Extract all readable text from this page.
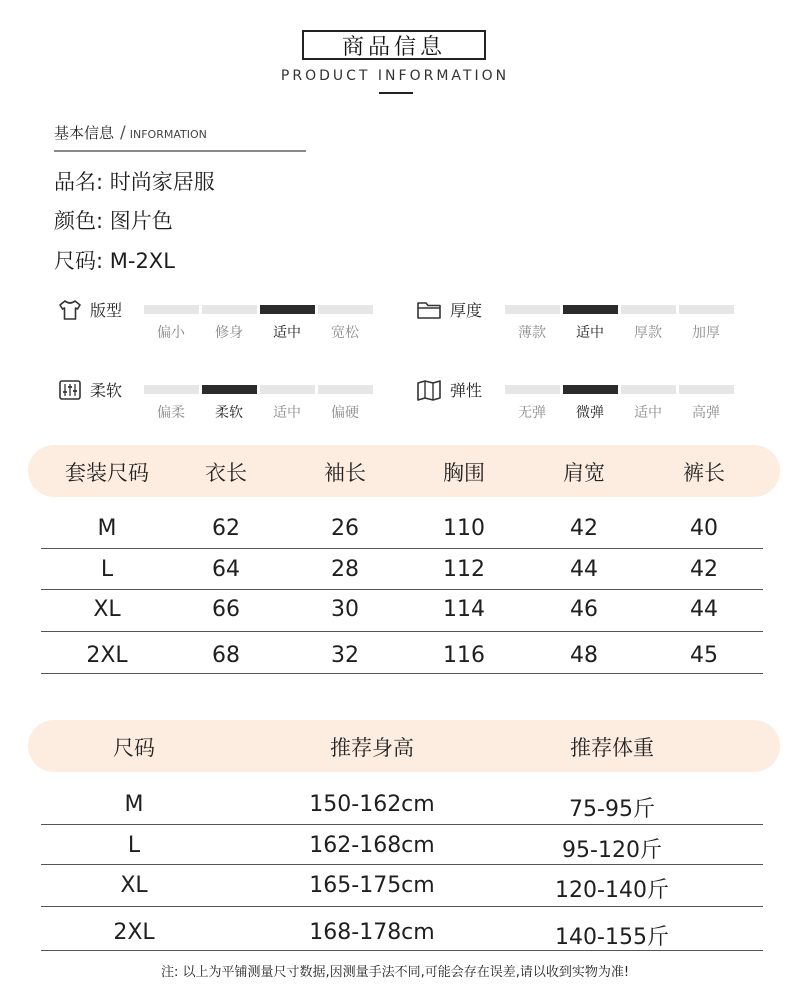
商品信息
PRODUCT INFORMATION
基本信息 / INFORMATION
品名: 时尚家居服
颜色: 图片色
尺码: M-2XL
版型
偏小	修身	适中	宽松
厚度
薄款	适中	厚款	加厚
柔软
偏柔	柔软	适中	偏硬
弹性
无弹	微弹	适中	高弹
套装尺码	衣长	袖长	胸围	肩宽	裤长
M	62	26	110	42	40
L	64	28	112	44	42
XL	66	30	114	46	44
2XL	68	32	116	48	45
尺码	推荐身高	推荐体重
M	150-162cm	75-95斤
L	162-168cm	95-120斤
XL	165-175cm	120-140斤
2XL	168-178cm	140-155斤
注: 以上为平铺测量尺寸数据,因测量手法不同,可能会存在误差,请以收到实物为准!
